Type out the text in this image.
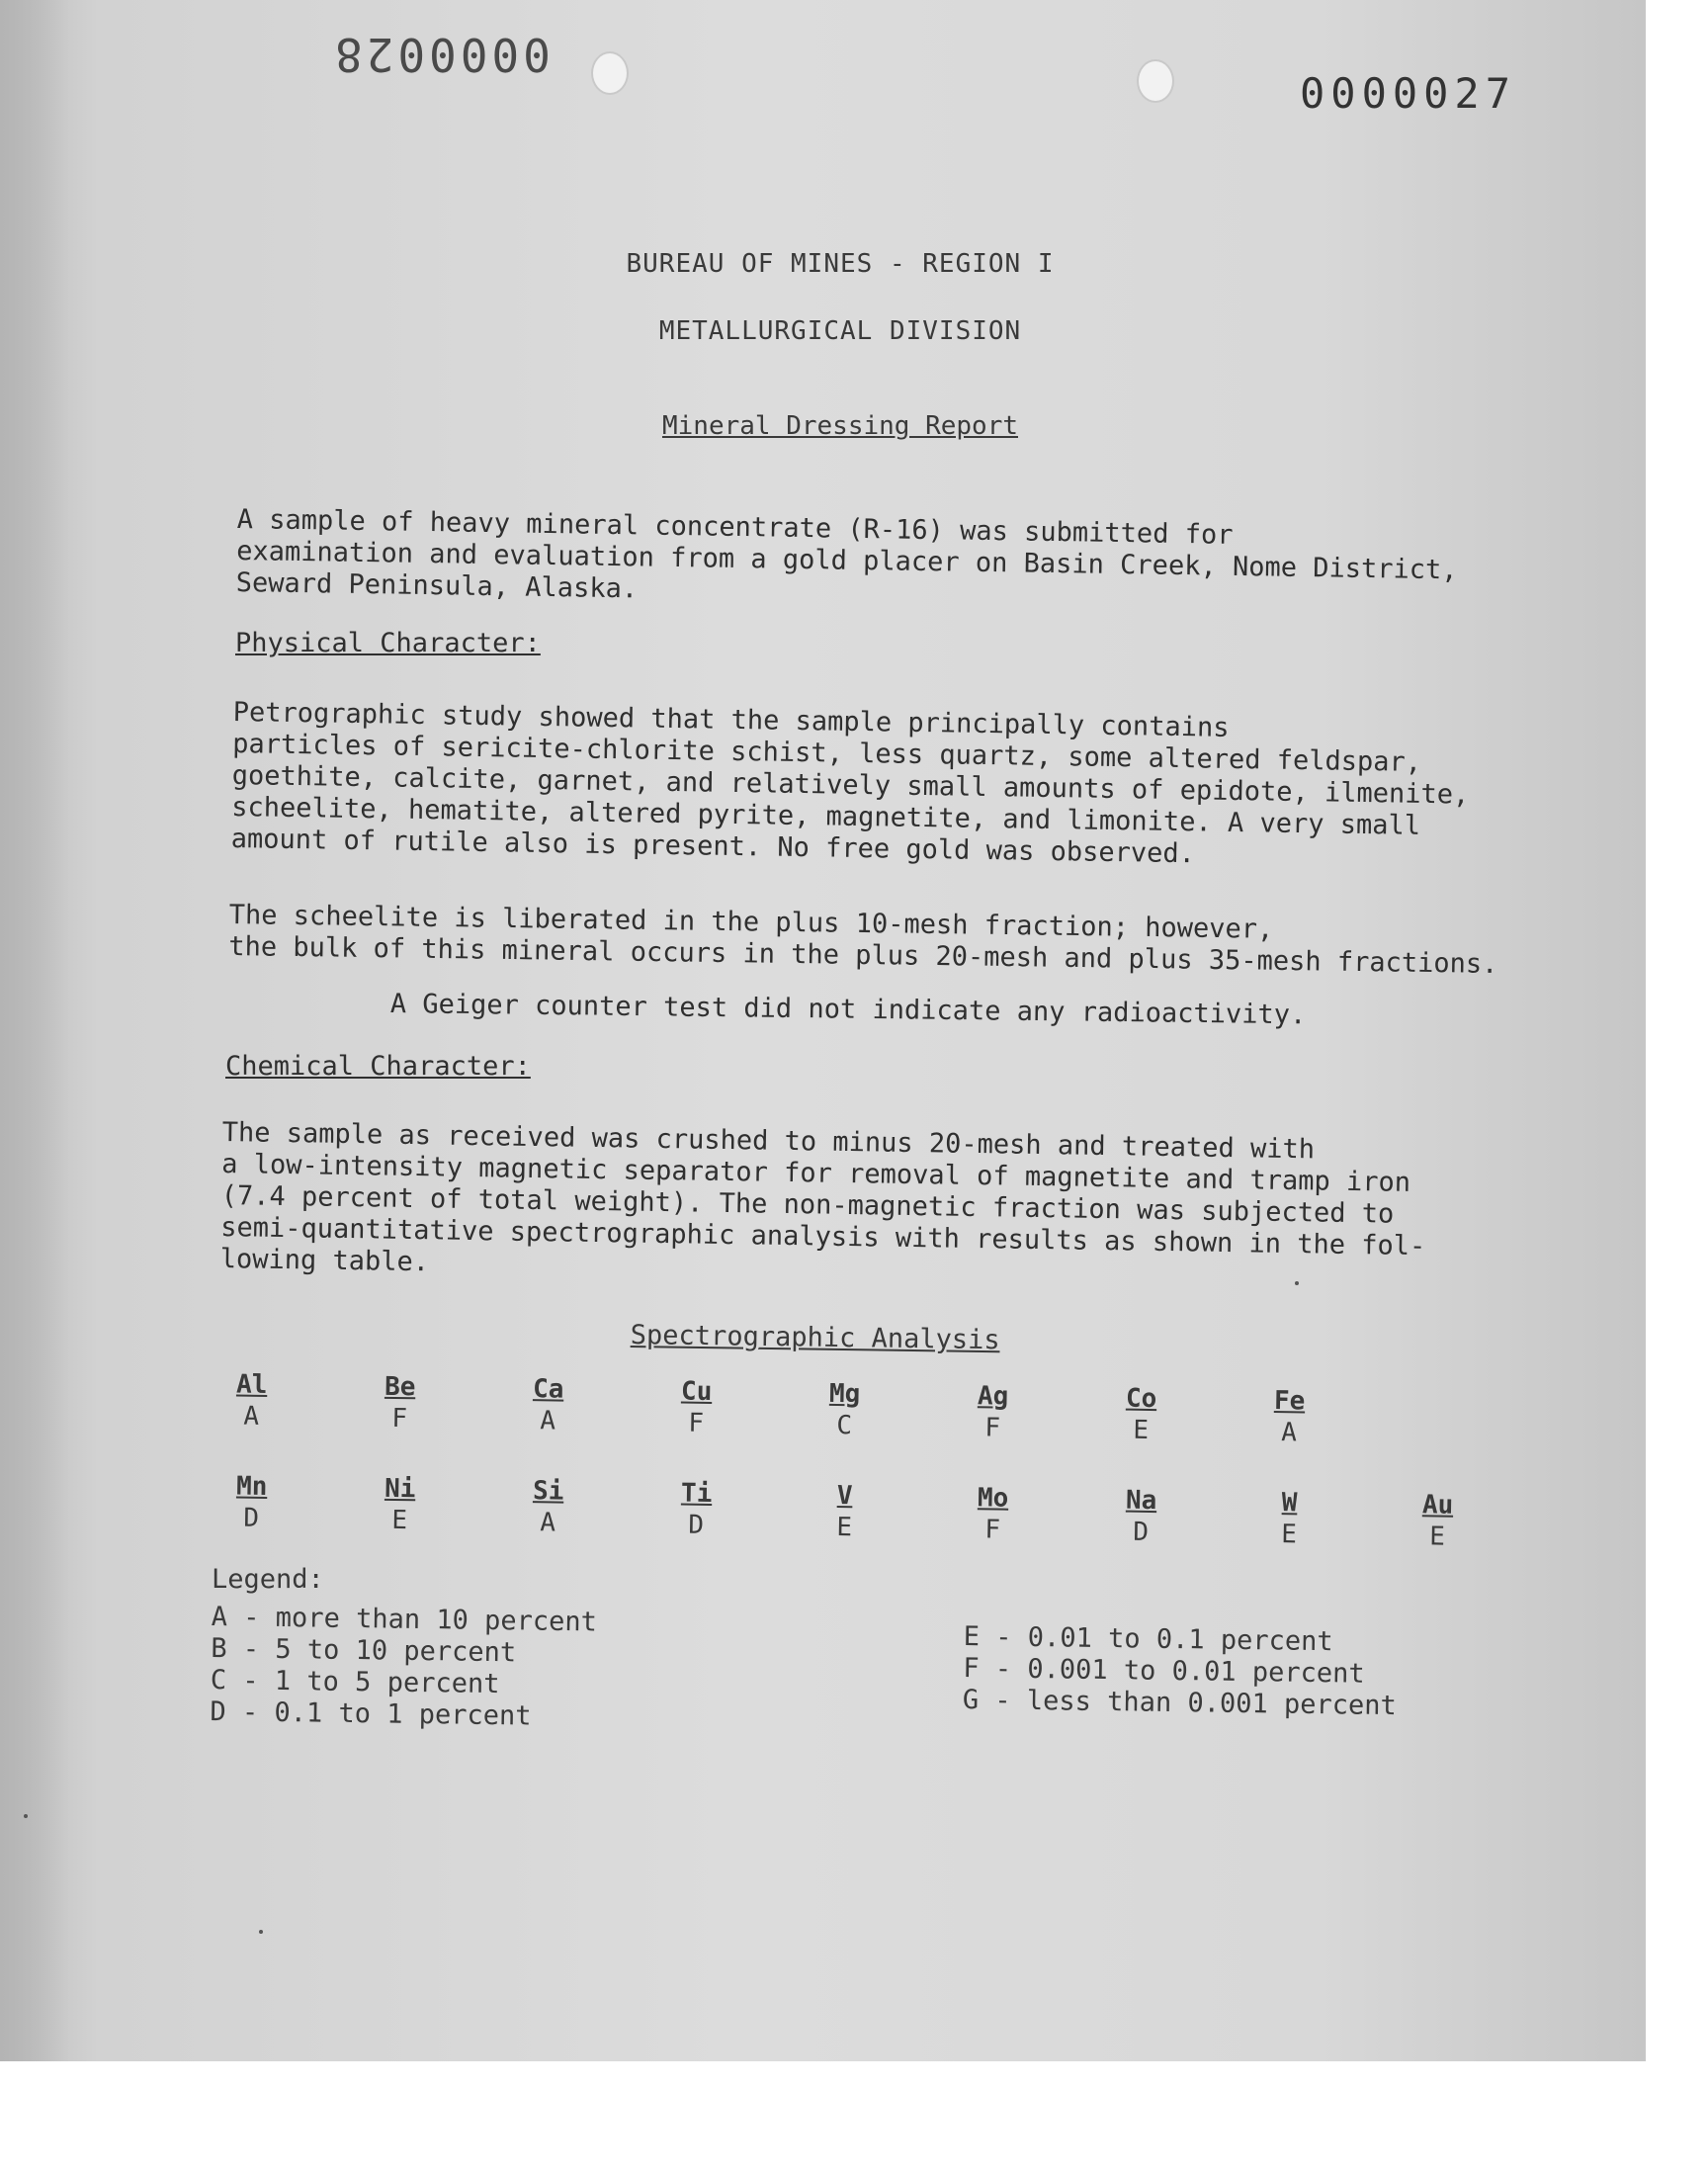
0000028
0000027
BUREAU OF MINES - REGION I
METALLURGICAL DIVISION
Mineral Dressing Report
A sample of heavy mineral concentrate (R-16) was submitted for
examination and evaluation from a gold placer on Basin Creek, Nome District,
Seward Peninsula, Alaska.
Physical Character:
Petrographic study showed that the sample principally contains
particles of sericite-chlorite schist, less quartz, some altered feldspar,
goethite, calcite, garnet, and relatively small amounts of epidote, ilmenite,
scheelite, hematite, altered pyrite, magnetite, and limonite. A very small
amount of rutile also is present. No free gold was observed.
The scheelite is liberated in the plus 10-mesh fraction; however,
the bulk of this mineral occurs in the plus 20-mesh and plus 35-mesh fractions.
A Geiger counter test did not indicate any radioactivity.
Chemical Character:
The sample as received was crushed to minus 20-mesh and treated with
a low-intensity magnetic separator for removal of magnetite and tramp iron
(7.4 percent of total weight). The non-magnetic fraction was subjected to
semi-quantitative spectrographic analysis with results as shown in the fol-
lowing table.
Spectrographic Analysis
Al
A
Be
F
Ca
A
Cu
F
Mg
C
Ag
F
Co
E
Fe
A
Mn
D
Ni
E
Si
A
Ti
D
V
E
Mo
F
Na
D
W
E
Au
E
Legend:
A - more than 10 percent
B - 5 to 10 percent
C - 1 to 5 percent
D - 0.1 to 1 percent
E - 0.01 to 0.1 percent
F - 0.001 to 0.01 percent
G - less than 0.001 percent
